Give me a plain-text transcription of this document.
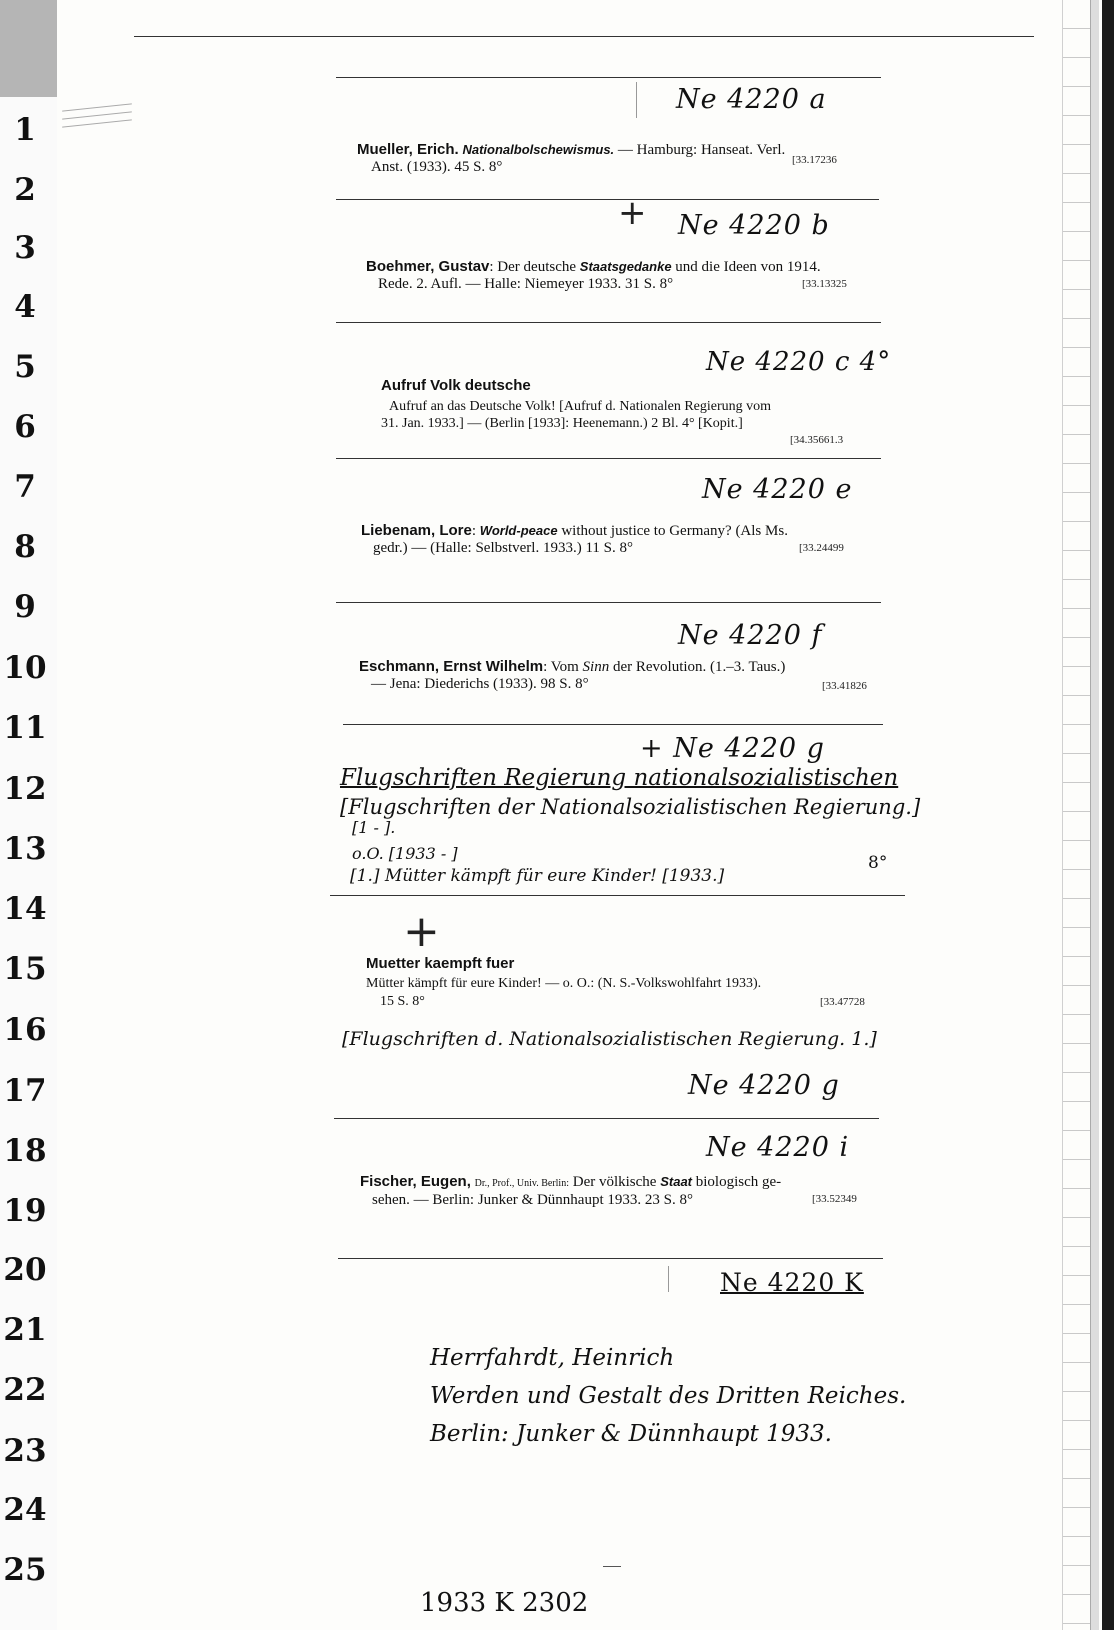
1
2
3
4
5
6
7
8
9
10
11
12
13
14
15
16
17
18
19
20
21
22
23
24
25
Ne 4220 a
Mueller, Erich. Nationalbolschewismus. — Hamburg: Hanseat. Verl.
Anst. (1933). 45 S. 8°	[33.17236
+ Ne 4220 b
Boehmer, Gustav: Der deutsche Staatsgedanke und die Ideen von 1914.
Rede. 2. Aufl. — Halle: Niemeyer 1933. 31 S. 8°	[33.13325
Ne 4220 c 4°
Aufruf Volk deutsche
Aufruf an das Deutsche Volk! [Aufruf d. Nationalen Regierung vom
31. Jan. 1933.] — (Berlin [1933]: Heenemann.) 2 Bl. 4° [Kopit.]
[34.35661.3
Ne 4220 e
Liebenam, Lore: World-peace without justice to Germany? (Als Ms.
gedr.) — (Halle: Selbstverl. 1933.) 11 S. 8°	[33.24499
Ne 4220 f
Eschmann, Ernst Wilhelm: Vom Sinn der Revolution. (1.–3. Taus.)
— Jena: Diederichs (1933). 98 S. 8°	[33.41826
+ Ne 4220 g
Flugschriften Regierung nationalsozialistischen
[Flugschriften der Nationalsozialistischen Regierung.]
[1 - ].
o.O. [1933 - ]
[1.] Mütter kämpft für eure Kinder! [1933.]
8°
+
Muetter kaempft fuer
Mütter kämpft für eure Kinder! — o. O.: (N. S.-Volkswohlfahrt 1933).
15 S. 8°	[33.47728
[Flugschriften d. Nationalsozialistischen Regierung. 1.]
Ne 4220 g
Ne 4220 i
Fischer, Eugen, Dr., Prof., Univ. Berlin: Der völkische Staat biologisch ge-
sehen. — Berlin: Junker & Dünnhaupt 1933. 23 S. 8°	[33.52349
Ne 4220 K
Herrfahrdt, Heinrich
Werden und Gestalt des Dritten Reiches.
Berlin: Junker & Dünnhaupt 1933.
1933 K 2302
